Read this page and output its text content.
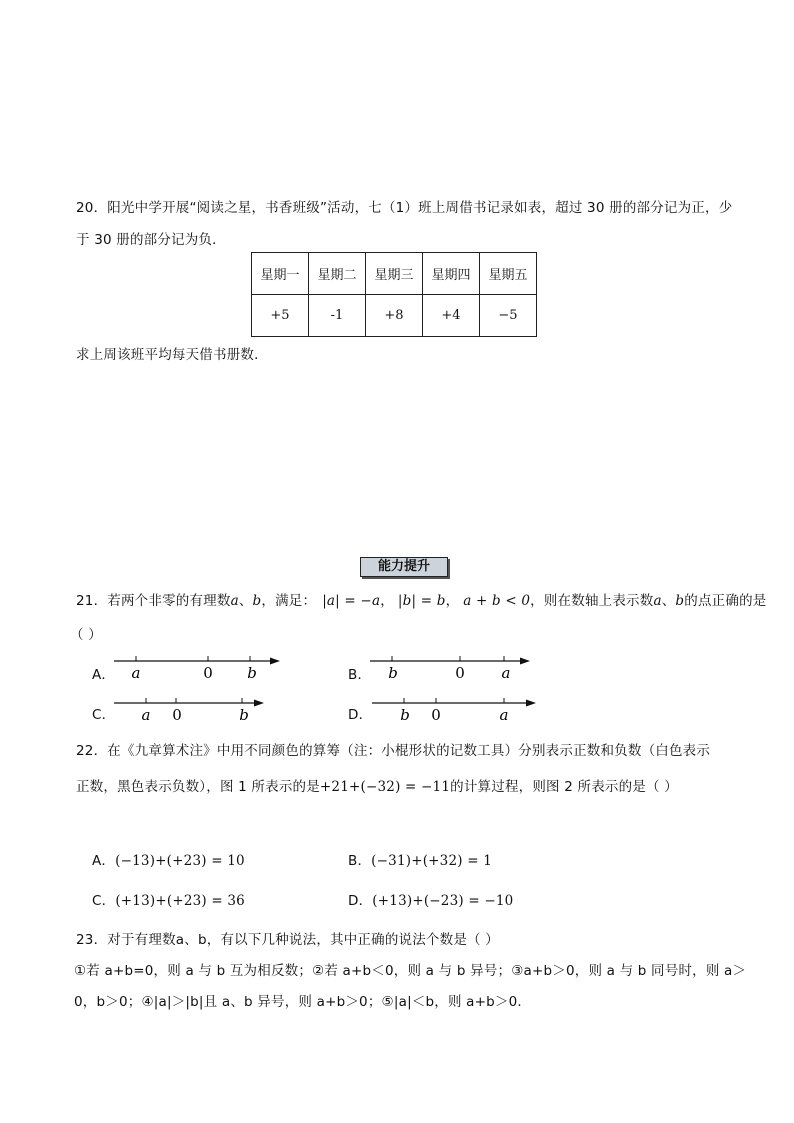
20．阳光中学开展“阅读之星，书香班级”活动，七（1）班上周借书记录如表，超过 30 册的部分记为正，少
于 30 册的部分记为负．
星期一	星期二	星期三	星期四	星期五
+5	-1	+8	+4	−5
求上周该班平均每天借书册数．
能力提升
21．若两个非零的有理数a、b，满足： |a| = −a， |b| = b， a + b < 0，则在数轴上表示数a、b的点正确的是
（ ）
A． a	0 b	B． b	0 a
C． a 0	b	D． b 0	a
22．在《九章算术注》中用不同颜色的算筹（注：小棍形状的记数工具）分别表示正数和负数（白色表示
正数，黑色表示负数），图 1 所表示的是+21+(−32) = −11的计算过程，则图 2 所表示的是（ ）
A．(−13)+(+23) = 10	B．(−31)+(+32) = 1
C．(+13)+(+23) = 36	D．(+13)+(−23) = −10
23．对于有理数a、b，有以下几种说法，其中正确的说法个数是（ ）
①若 a+b=0，则 a 与 b 互为相反数；②若 a+b＜0，则 a 与 b 异号；③a+b＞0，则 a 与 b 同号时，则 a＞
0，b＞0；④|a|＞|b|且 a、b 异号，则 a+b＞0；⑤|a|＜b，则 a+b＞0．
